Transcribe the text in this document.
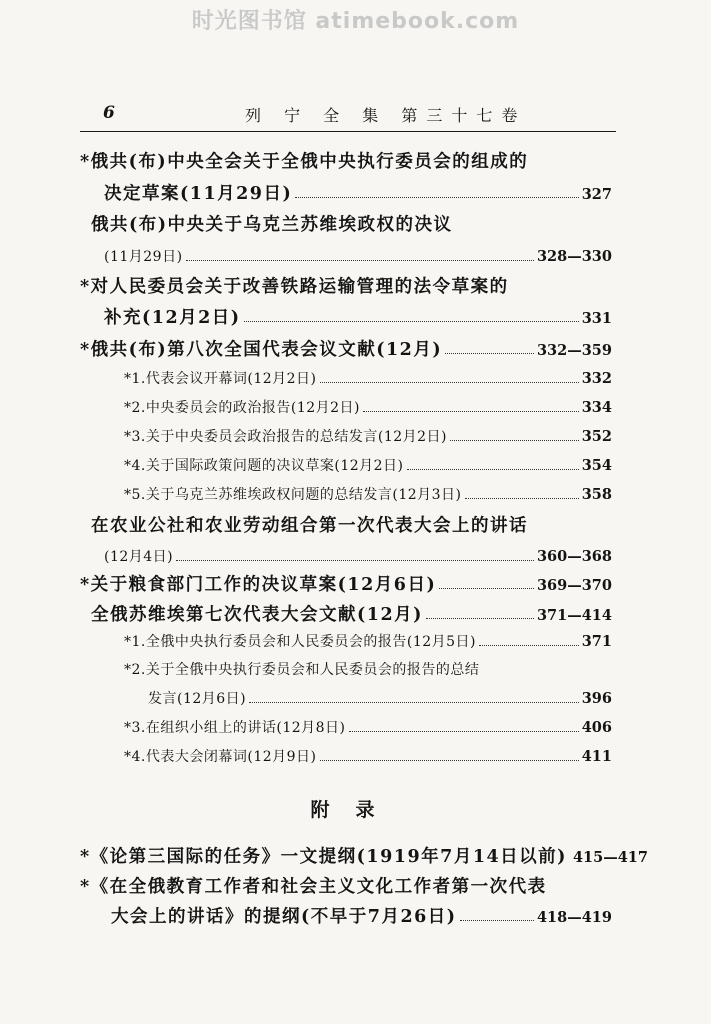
时光图书馆 atimebook.com
6	列 宁 全 集 第三十七卷
*俄共(布)中央全会关于全俄中央执行委员会的组成的
决定草案(11月29日)	327
俄共(布)中央关于乌克兰苏维埃政权的决议
(11月29日)	328—330
*对人民委员会关于改善铁路运输管理的法令草案的
补充(12月2日)	331
*俄共(布)第八次全国代表会议文献(12月)	332—359
*1.代表会议开幕词(12月2日)	332
*2.中央委员会的政治报告(12月2日)	334
*3.关于中央委员会政治报告的总结发言(12月2日)	352
*4.关于国际政策问题的决议草案(12月2日)	354
*5.关于乌克兰苏维埃政权问题的总结发言(12月3日)	358
在农业公社和农业劳动组合第一次代表大会上的讲话
(12月4日)	360—368
*关于粮食部门工作的决议草案(12月6日)	369—370
全俄苏维埃第七次代表大会文献(12月)	371—414
*1.全俄中央执行委员会和人民委员会的报告(12月5日)	371
*2.关于全俄中央执行委员会和人民委员会的报告的总结
发言(12月6日)	396
*3.在组织小组上的讲话(12月8日)	406
*4.代表大会闭幕词(12月9日)	411
附录
*《论第三国际的任务》一文提纲(1919年7月14日以前) 415—417
*《在全俄教育工作者和社会主义文化工作者第一次代表
大会上的讲话》的提纲(不早于7月26日)	418—419
